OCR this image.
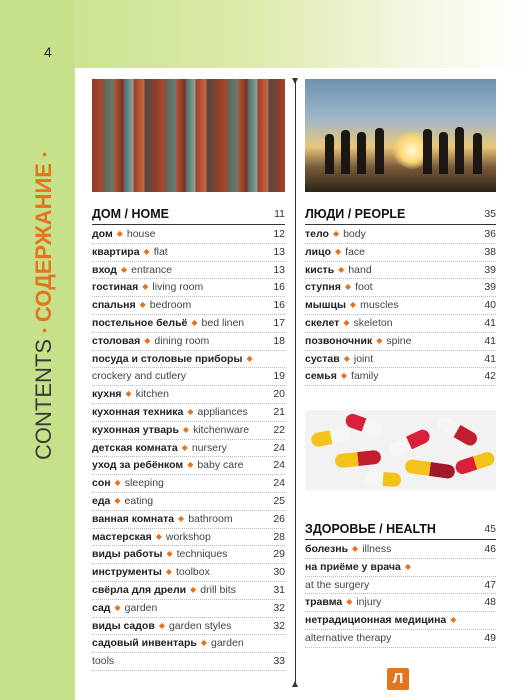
4
CONTENTS
•
СОДЕРЖАНИЕ
•
ДОМ / HOME	11
дом ◆ house	12
квартира ◆ flat	13
вход ◆ entrance	13
гостиная ◆ living room	16
спальня ◆ bedroom	16
постельное бельё ◆ bed linen	17
столовая ◆ dining room	18
посуда и столовые приборы ◆
crockery and cutlery	19
кухня ◆ kitchen	20
кухонная техника ◆ appliances 21
кухонная утварь ◆ kitchenware 22
детская комната ◆ nursery	24
уход за ребёнком ◆ baby care	24
сон ◆ sleeping	24
еда ◆ eating	25
ванная комната ◆ bathroom	26
мастерская ◆ workshop	28
виды работы ◆ techniques	29
инструменты ◆ toolbox	30
свёрла для дрели ◆ drill bits	31
сад ◆ garden	32
виды садов ◆ garden styles	32
садовый инвентарь ◆ garden
tools	33
ЛЮДИ / PEOPLE	35
тело ◆ body	36
лицо ◆ face	38
кисть ◆ hand	39
ступня ◆ foot	39
мышцы ◆ muscles	40
скелет ◆ skeleton	41
позвоночник ◆ spine	41
сустав ◆ joint	41
семья ◆ family	42
ЗДОРОВЬЕ / HEALTH	45
болезнь ◆ illness	46
на приёме у врача ◆
at the surgery	47
травма ◆ injury	48
нетрадиционная медицина ◆
alternative therapy	49
Л
